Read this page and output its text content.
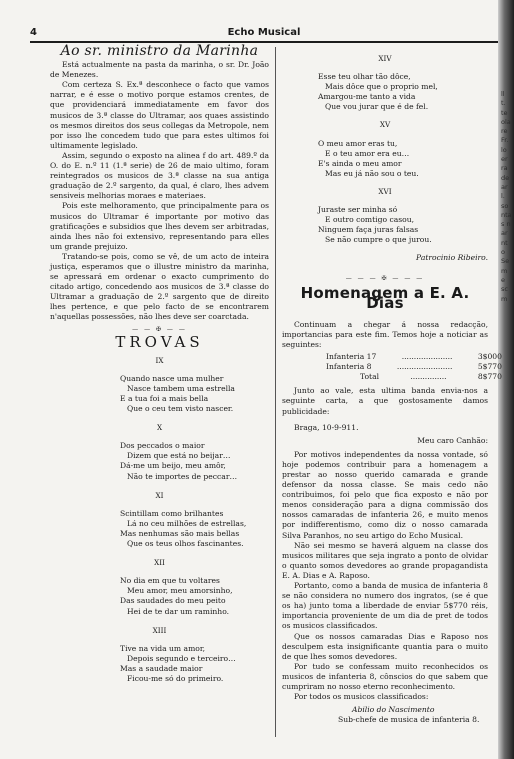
ll
t.
te
ola
re
Fr.
lo
er
ra
de
ar
l.
so
nta
s n
ar
nt
o
Se
m
e
sc
m
4	Echo Musical
Ao sr. ministro da Marinha

Está actualmente na pasta da marinha, o sr. Dr. João de Menezes.

Com certeza S. Ex.ª desconhece o facto que vamos narrar, e é esse o motivo porque estamos crentes, de que providenciará immediatamente em favor dos musicos de 3.ª classe do Ultramar, aos quaes assistindo os mesmos direitos dos seus collegas da Metropole, nem por isso lhe concedem tudo que para estes ultimos foi ultimamente legislado.

Assim, segundo o exposto na alinea f do art. 489.º da O. do E. n.º 11 (1.ª serie) de 26 de maio ultimo, foram reintegrados os musicos de 3.ª classe na sua antiga graduação de 2.º sargento, da qual, é claro, lhes advem sensiveis melhorias moraes e materiaes.

Pois este melhoramento, que principalmente para os musicos do Ultramar é importante por motivo das gratificações e subsidios que lhes devem ser arbitradas, ainda lhes não foi extensivo, representando para elles um grande prejuizo.

Tratando-se pois, como se vê, de um acto de inteira justiça, esperamos que o illustre ministro da marinha, se apressará em ordenar o exacto cumprimento do citado artigo, concedendo aos musicos de 3.ª classe do Ultramar a graduação de 2.º sargento que de direito lhes pertence, e que pelo facto de se encontrarem n'aquellas possessões, não lhes deve ser coarctada.

— — ✠ — —
TROVAS
IX
Quando nasce uma mulher
Nasce tambem uma estrella
E a tua foi a mais bella
Que o ceu tem visto nascer.
X
Dos peccados o maior
Dizem que está no beijar…
Dá-me um beijo, meu amôr,
Não te importes de peccar…
XI
Scintillam como brilhantes
Lá no ceu milhões de estrellas,
Mas nenhumas são mais bellas
Que os teus olhos fascinantes.
XII
No dia em que tu voltares
Meu amor, meu amorsinho,
Das saudades do meu peito
Hei de te dar um raminho.
XIII
Tive na vida um amor,
Depois segundo e terceiro…
Mas a saudade maior
Ficou-me só do primeiro.
XIV
Esse teu olhar tão dôce,
Mais dôce que o proprio mel,
Amargou-me tanto a vida
Que vou jurar que é de fel.
XV
O meu amor eras tu,
E o teu amor era eu…
E's ainda o meu amor
Mas eu já não sou o teu.
XVI
Juraste ser minha só
E outro comtigo casou,
Ninguem faça juras falsas
Se não cumpre o que jurou.
Patrocinio Ribeiro.
— — — ✠ — — —
Homenagem a E. A. Dias

Continuam a chegar á nossa redacção, importancias para este fim. Temos hoje a noticiar as seguintes:

Infanteria 17	.....................	3$000
Infanteria 8	.......................	5$770
Total	...............	8$770

Junto ao vale, esta ultima banda envia-nos a seguinte carta, a que gostosamente damos publicidade:

Braga, 10-9-911.

Meu caro Canhão:

Por motivos independentes da nossa vontade, só hoje podemos contribuir para a homenagem a prestar ao nosso querido camarada e grande defensor da nossa classe. Se mais cedo não contribuimos, foi pelo que fica exposto e não por menos consideração para a digna commissão dos nossos camaradas de infanteria 26, e muito menos por indifferentismo, como diz o nosso camarada Silva Paranhos, no seu artigo do Echo Musical.

Não sei mesmo se haverá alguem na classe dos musicos militares que seja ingrato a ponto de olvidar o quanto somos devedores ao grande propagandista E. A. Dias e A. Raposo.

Portanto, como a banda de musica de infanteria 8 se não considera no numero dos ingratos, (se é que os ha) junto toma a liberdade de enviar 5$770 réis, importancia proveniente de um dia de pret de todos os musicos classificados.

Que os nossos camaradas Dias e Raposo nos desculpem esta insignificante quantia para o muito de que lhes somos devedores.

Por tudo se confessam muito reconhecidos os musicos de infanteria 8, cônscios do que sabem que cumpriram no nosso eterno reconhecimento.

Por todos os musicos classificados:

Abilio do Nascimento
Sub-chefe de musica de infanteria 8.
